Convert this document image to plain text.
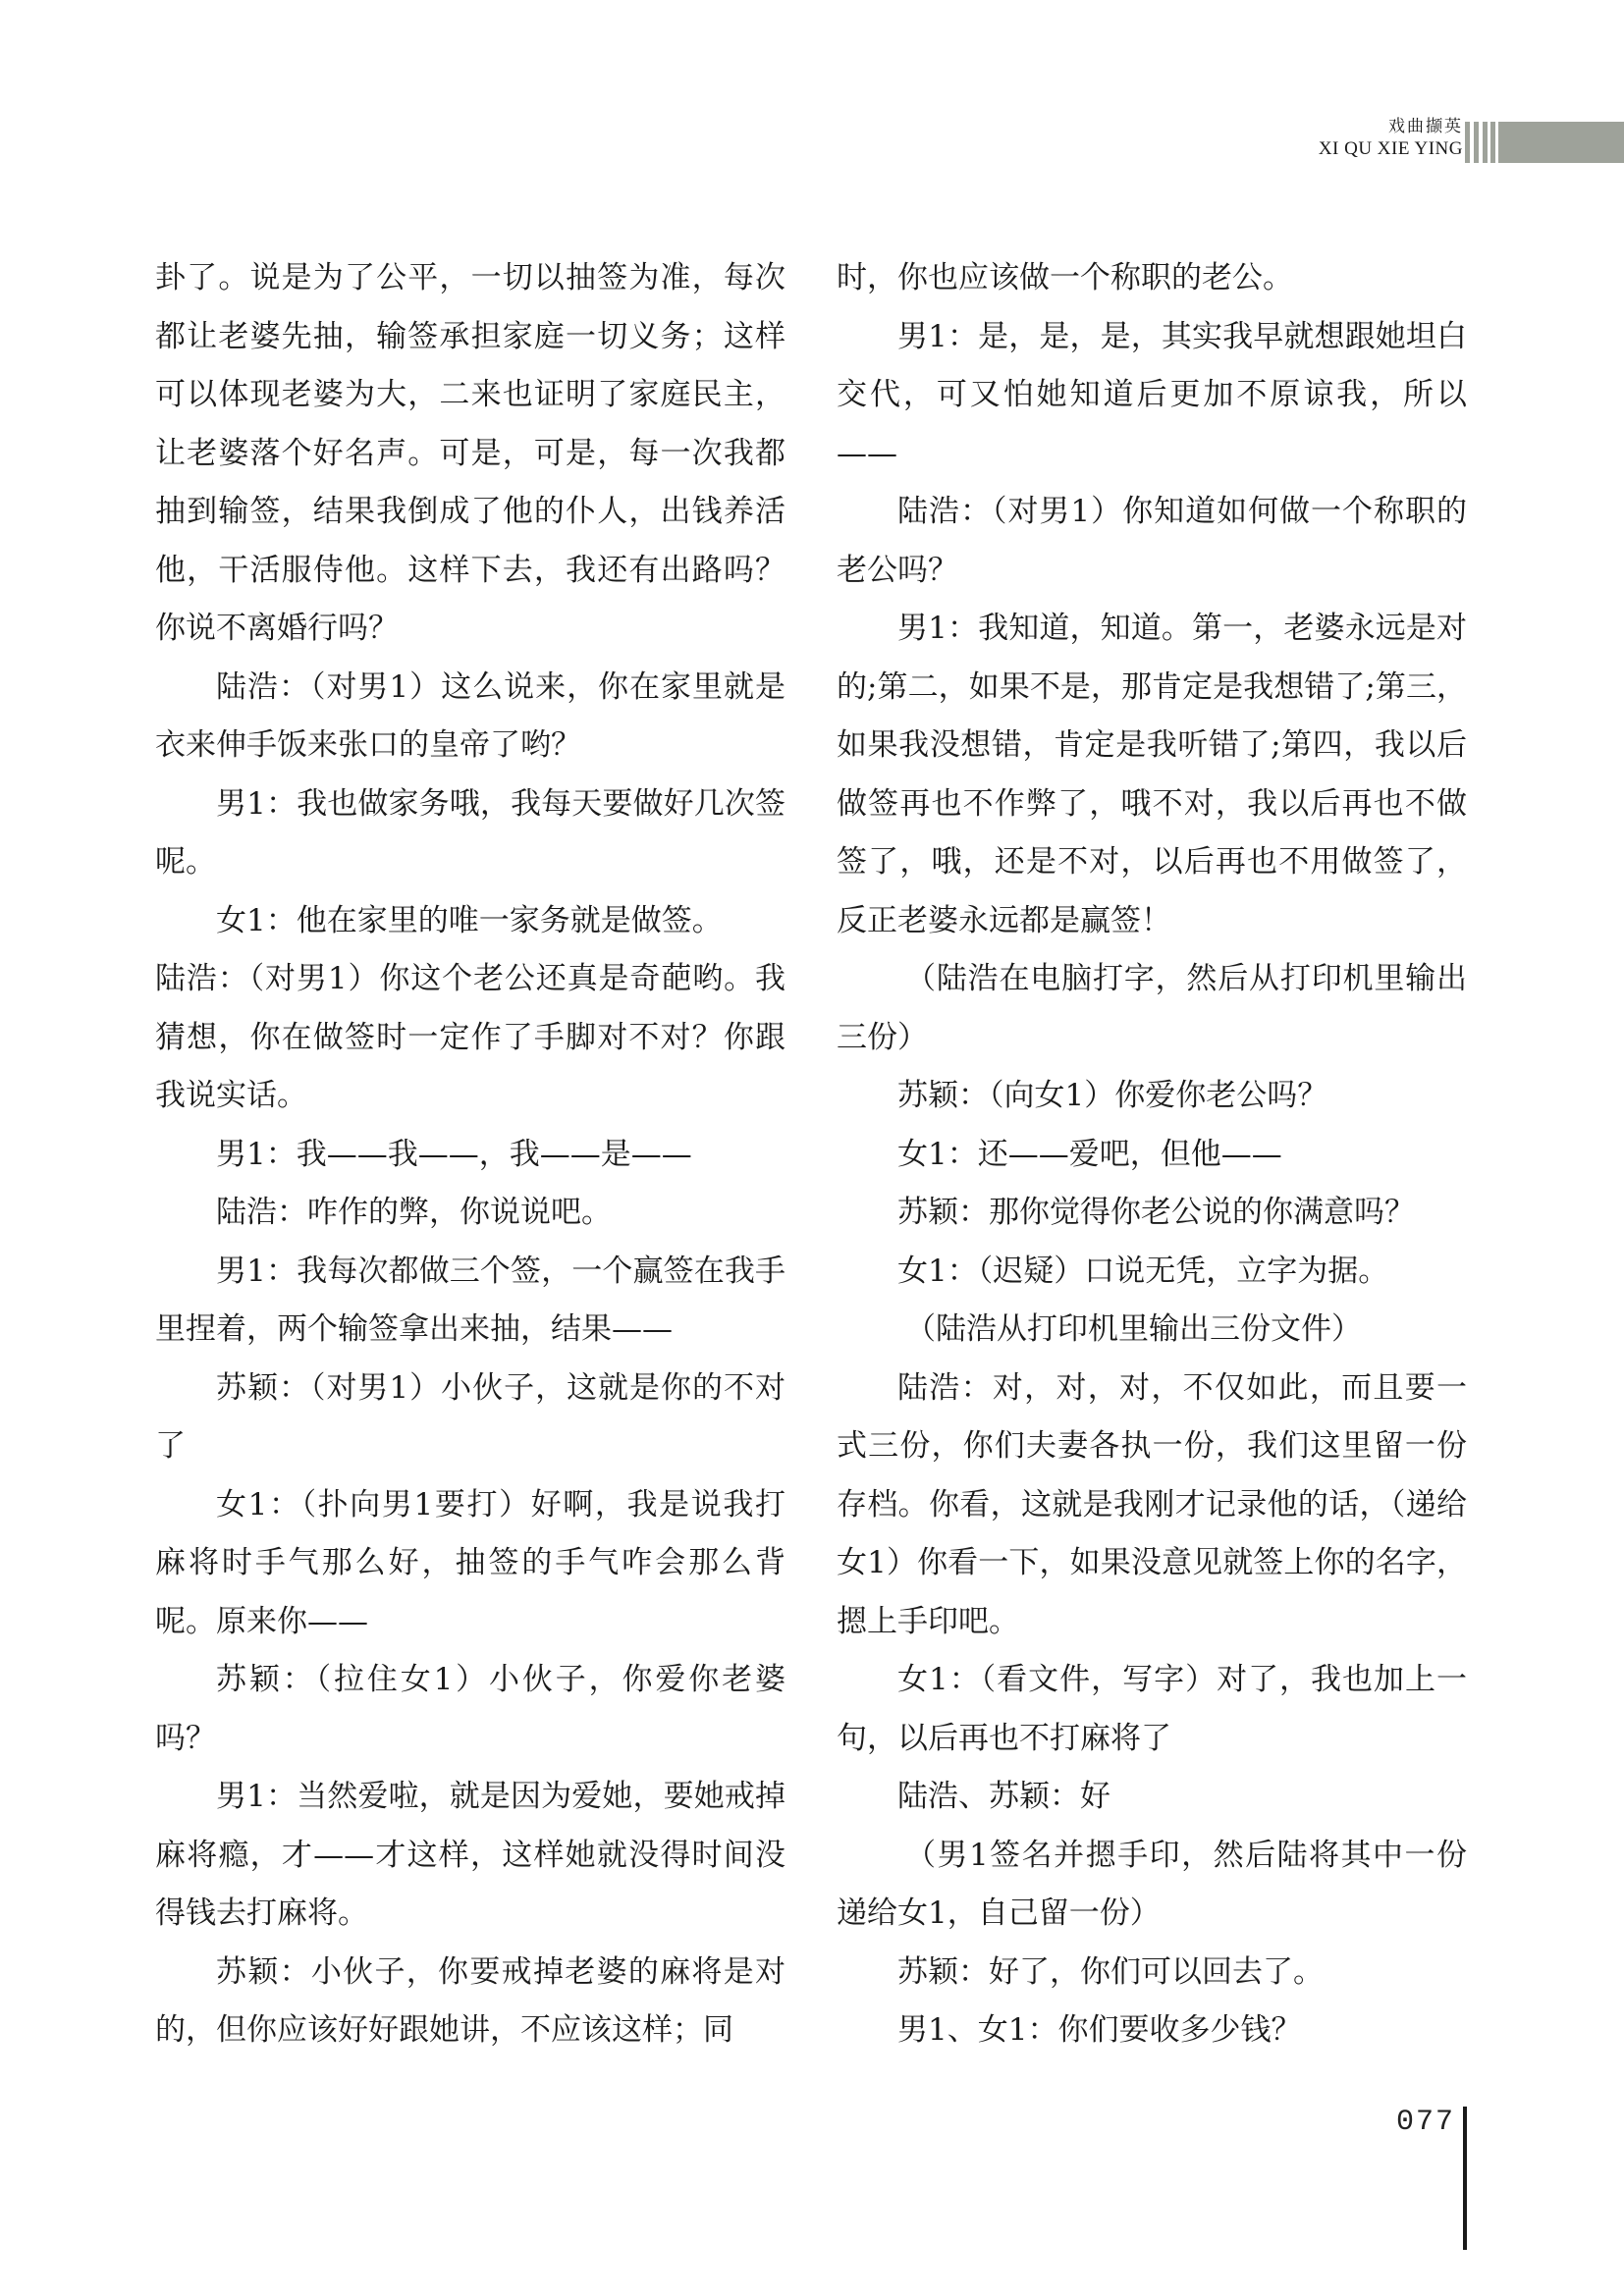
戏曲撷英
XI QU XIE YING

卦了。说是为了公平，一切以抽签为准，每次都让老婆先抽，输签承担家庭一切义务；这样可以体现老婆为大，二来也证明了家庭民主，让老婆落个好名声。可是，可是，每一次我都抽到输签，结果我倒成了他的仆人，出钱养活他，干活服侍他。这样下去，我还有出路吗？你说不离婚行吗？

陆浩：（对男1）这么说来，你在家里就是衣来伸手饭来张口的皇帝了哟？

男1：我也做家务哦，我每天要做好几次签呢。

女1：他在家里的唯一家务就是做签。

陆浩：（对男1）你这个老公还真是奇葩哟。我猜想，你在做签时一定作了手脚对不对？你跟我说实话。

男1：我——我——，我——是——

陆浩：咋作的弊，你说说吧。

男1：我每次都做三个签，一个赢签在我手里捏着，两个输签拿出来抽，结果——

苏颖：（对男1）小伙子，这就是你的不对了

女1：（扑向男1要打）好啊，我是说我打麻将时手气那么好，抽签的手气咋会那么背呢。原来你——

苏颖：（拉住女1）小伙子，你爱你老婆吗？

男1：当然爱啦，就是因为爱她，要她戒掉麻将瘾，才——才这样，这样她就没得时间没得钱去打麻将。

苏颖：小伙子，你要戒掉老婆的麻将是对的，但你应该好好跟她讲，不应该这样；同

时，你也应该做一个称职的老公。

男1：是，是，是，其实我早就想跟她坦白交代，可又怕她知道后更加不原谅我，所以——

陆浩：（对男1）你知道如何做一个称职的老公吗？

男1：我知道，知道。第一，老婆永远是对的;第二，如果不是，那肯定是我想错了;第三，如果我没想错，肯定是我听错了;第四，我以后做签再也不作弊了，哦不对，我以后再也不做签了，哦，还是不对，以后再也不用做签了，反正老婆永远都是赢签！

（陆浩在电脑打字，然后从打印机里输出三份）

苏颖：（向女1）你爱你老公吗？

女1：还——爱吧，但他——

苏颖：那你觉得你老公说的你满意吗？

女1：（迟疑）口说无凭，立字为据。

（陆浩从打印机里输出三份文件）

陆浩：对，对，对，不仅如此，而且要一式三份，你们夫妻各执一份，我们这里留一份存档。你看，这就是我刚才记录他的话，（递给女1）你看一下，如果没意见就签上你的名字，摁上手印吧。

女1：（看文件，写字）对了，我也加上一句，以后再也不打麻将了

陆浩、苏颖：好

（男1签名并摁手印，然后陆将其中一份递给女1，自己留一份）

苏颖：好了，你们可以回去了。

男1、女1：你们要收多少钱？

077
